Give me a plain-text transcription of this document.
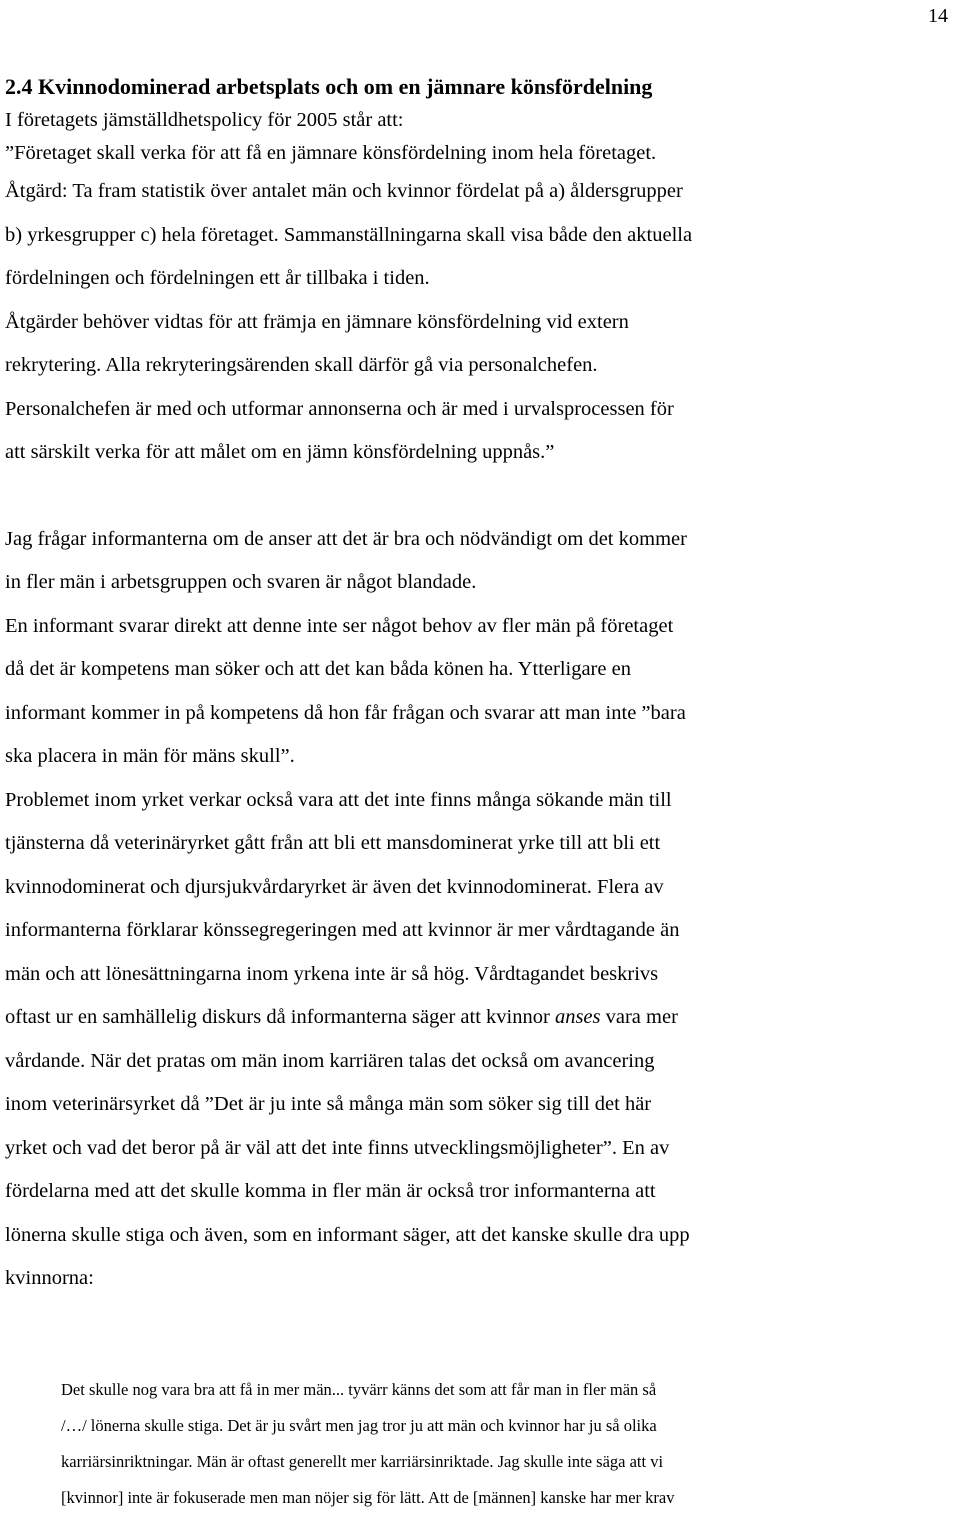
14
2.4 Kvinnodominerad arbetsplats och om en jämnare könsfördelning
I företagets jämställdhetspolicy för 2005 står att:
”Företaget skall verka för att få en jämnare könsfördelning inom hela företaget.
Åtgärd: Ta fram statistik över antalet män och kvinnor fördelat på a) åldersgrupper
b) yrkesgrupper c) hela företaget. Sammanställningarna skall visa både den aktuella
fördelningen och fördelningen ett år tillbaka i tiden.
Åtgärder behöver vidtas för att främja en jämnare könsfördelning vid extern
rekrytering. Alla rekryteringsärenden skall därför gå via personalchefen.
Personalchefen är med och utformar annonserna och är med i urvalsprocessen för
att särskilt verka för att målet om en jämn könsfördelning uppnås.”
Jag frågar informanterna om de anser att det är bra och nödvändigt om det kommer
in fler män i arbetsgruppen och svaren är något blandade.
En informant svarar direkt att denne inte ser något behov av fler män på företaget
då det är kompetens man söker och att det kan båda könen ha. Ytterligare en
informant kommer in på kompetens då hon får frågan och svarar att man inte ”bara
ska placera in män för mäns skull”.
Problemet inom yrket verkar också vara att det inte finns många sökande män till
tjänsterna då veterinäryrket gått från att bli ett mansdominerat yrke till att bli ett
kvinnodominerat och djursjukvårdaryrket är även det kvinnodominerat. Flera av
informanterna förklarar könssegregeringen med att kvinnor är mer vårdtagande än
män och att lönesättningarna inom yrkena inte är så hög. Vårdtagandet beskrivs
oftast ur en samhällelig diskurs då informanterna säger att kvinnor anses vara mer
vårdande. När det pratas om män inom karriären talas det också om avancering
inom veterinärsyrket då ”Det är ju inte så många män som söker sig till det här
yrket och vad det beror på är väl att det inte finns utvecklingsmöjligheter”. En av
fördelarna med att det skulle komma in fler män är också tror informanterna att
lönerna skulle stiga och även, som en informant säger, att det kanske skulle dra upp
kvinnorna:
Det skulle nog vara bra att få in mer män... tyvärr känns det som att får man in fler män så
/…/ lönerna skulle stiga. Det är ju svårt men jag tror ju att män och kvinnor har ju så olika
karriärsinriktningar. Män är oftast generellt mer karriärsinriktade. Jag skulle inte säga att vi
[kvinnor] inte är fokuserade men man nöjer sig för lätt. Att de [männen] kanske har mer krav
